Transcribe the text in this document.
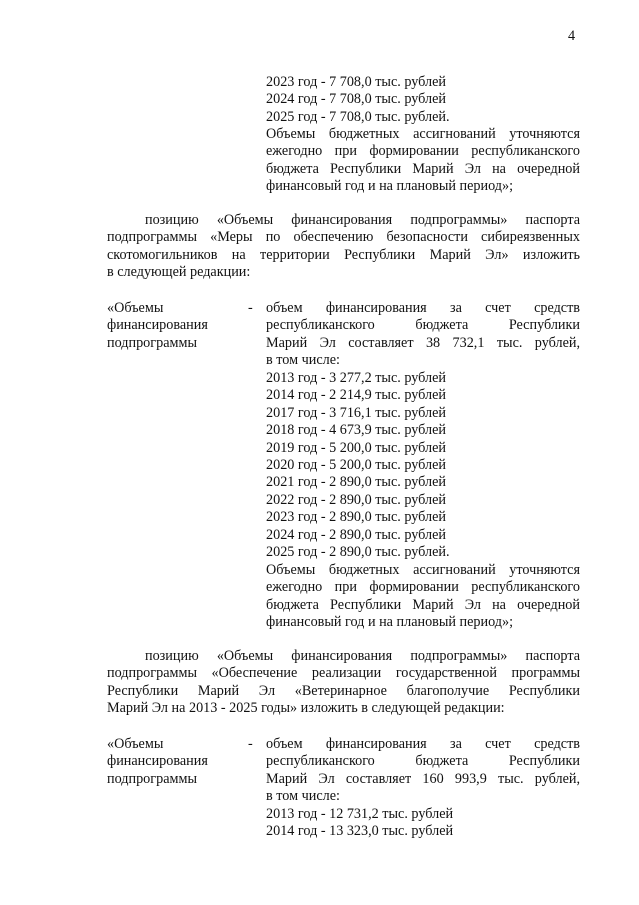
4
2023 год - 7 708,0 тыс. рублей
2024 год - 7 708,0 тыс. рублей
2025 год - 7 708,0 тыс. рублей.
Объемы бюджетных ассигнований уточняются
ежегодно при формировании республиканского
бюджета Республики Марий Эл на очередной
финансовый год и на плановый период»;
позицию «Объемы финансирования подпрограммы» паспорта
подпрограммы «Меры по обеспечению безопасности сибиреязвенных
скотомогильников на территории Республики Марий Эл» изложить
в следующей редакции:
«Объемы
финансирования
подпрограммы
- объем финансирования за счет средств
республиканского бюджета Республики
Марий Эл составляет 38 732,1 тыс. рублей,
в том числе:
2013 год - 3 277,2 тыс. рублей
2014 год - 2 214,9 тыс. рублей
2017 год - 3 716,1 тыс. рублей
2018 год - 4 673,9 тыс. рублей
2019 год - 5 200,0 тыс. рублей
2020 год - 5 200,0 тыс. рублей
2021 год - 2 890,0 тыс. рублей
2022 год - 2 890,0 тыс. рублей
2023 год - 2 890,0 тыс. рублей
2024 год - 2 890,0 тыс. рублей
2025 год - 2 890,0 тыс. рублей.
Объемы бюджетных ассигнований уточняются
ежегодно при формировании республиканского
бюджета Республики Марий Эл на очередной
финансовый год и на плановый период»;
позицию «Объемы финансирования подпрограммы» паспорта
подпрограммы «Обеспечение реализации государственной программы
Республики Марий Эл «Ветеринарное благополучие Республики
Марий Эл на 2013 - 2025 годы» изложить в следующей редакции:
«Объемы
финансирования
подпрограммы
- объем финансирования за счет средств
республиканского бюджета Республики
Марий Эл составляет 160 993,9 тыс. рублей,
в том числе:
2013 год - 12 731,2 тыс. рублей
2014 год - 13 323,0 тыс. рублей
